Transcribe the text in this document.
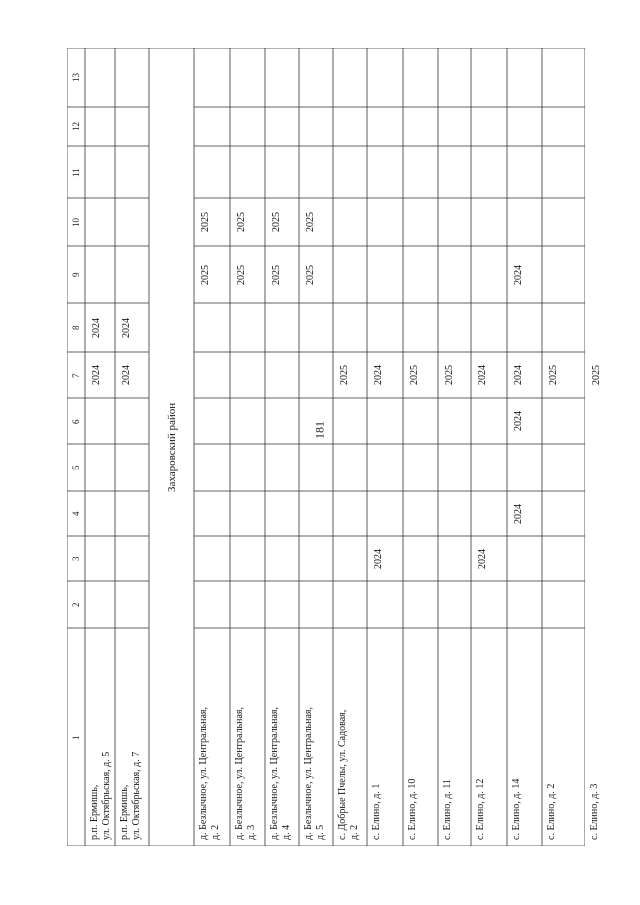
181
1
2
3
4
5
6
7
8
9
10
11
12
13
р.п. Ермишь, ул. Октябрьская, д. 5
2024
2024
р.п. Ермишь, ул. Октябрьская, д. 7
2024
2024
Захаровский район
д. Безлычное, ул. Центральная, д. 2
2025
2025
д. Безлычное, ул. Центральная, д. 3
2025
2025
д. Безлычное, ул. Центральная, д. 4
2025
2025
д. Безлычное, ул. Центральная, д. 5
2025
2025
с. Добрые Пчелы, ул. Садовая, д. 2
2025
с. Елино, д. 1
2024
2024
с. Елино, д. 10
2025
с. Елино, д. 11
2025
с. Елино, д. 12
2024
2024
с. Елино, д. 14
2024
2024
2024
2024
с. Елино, д. 2
2025
с. Елино, д. 3
2025
